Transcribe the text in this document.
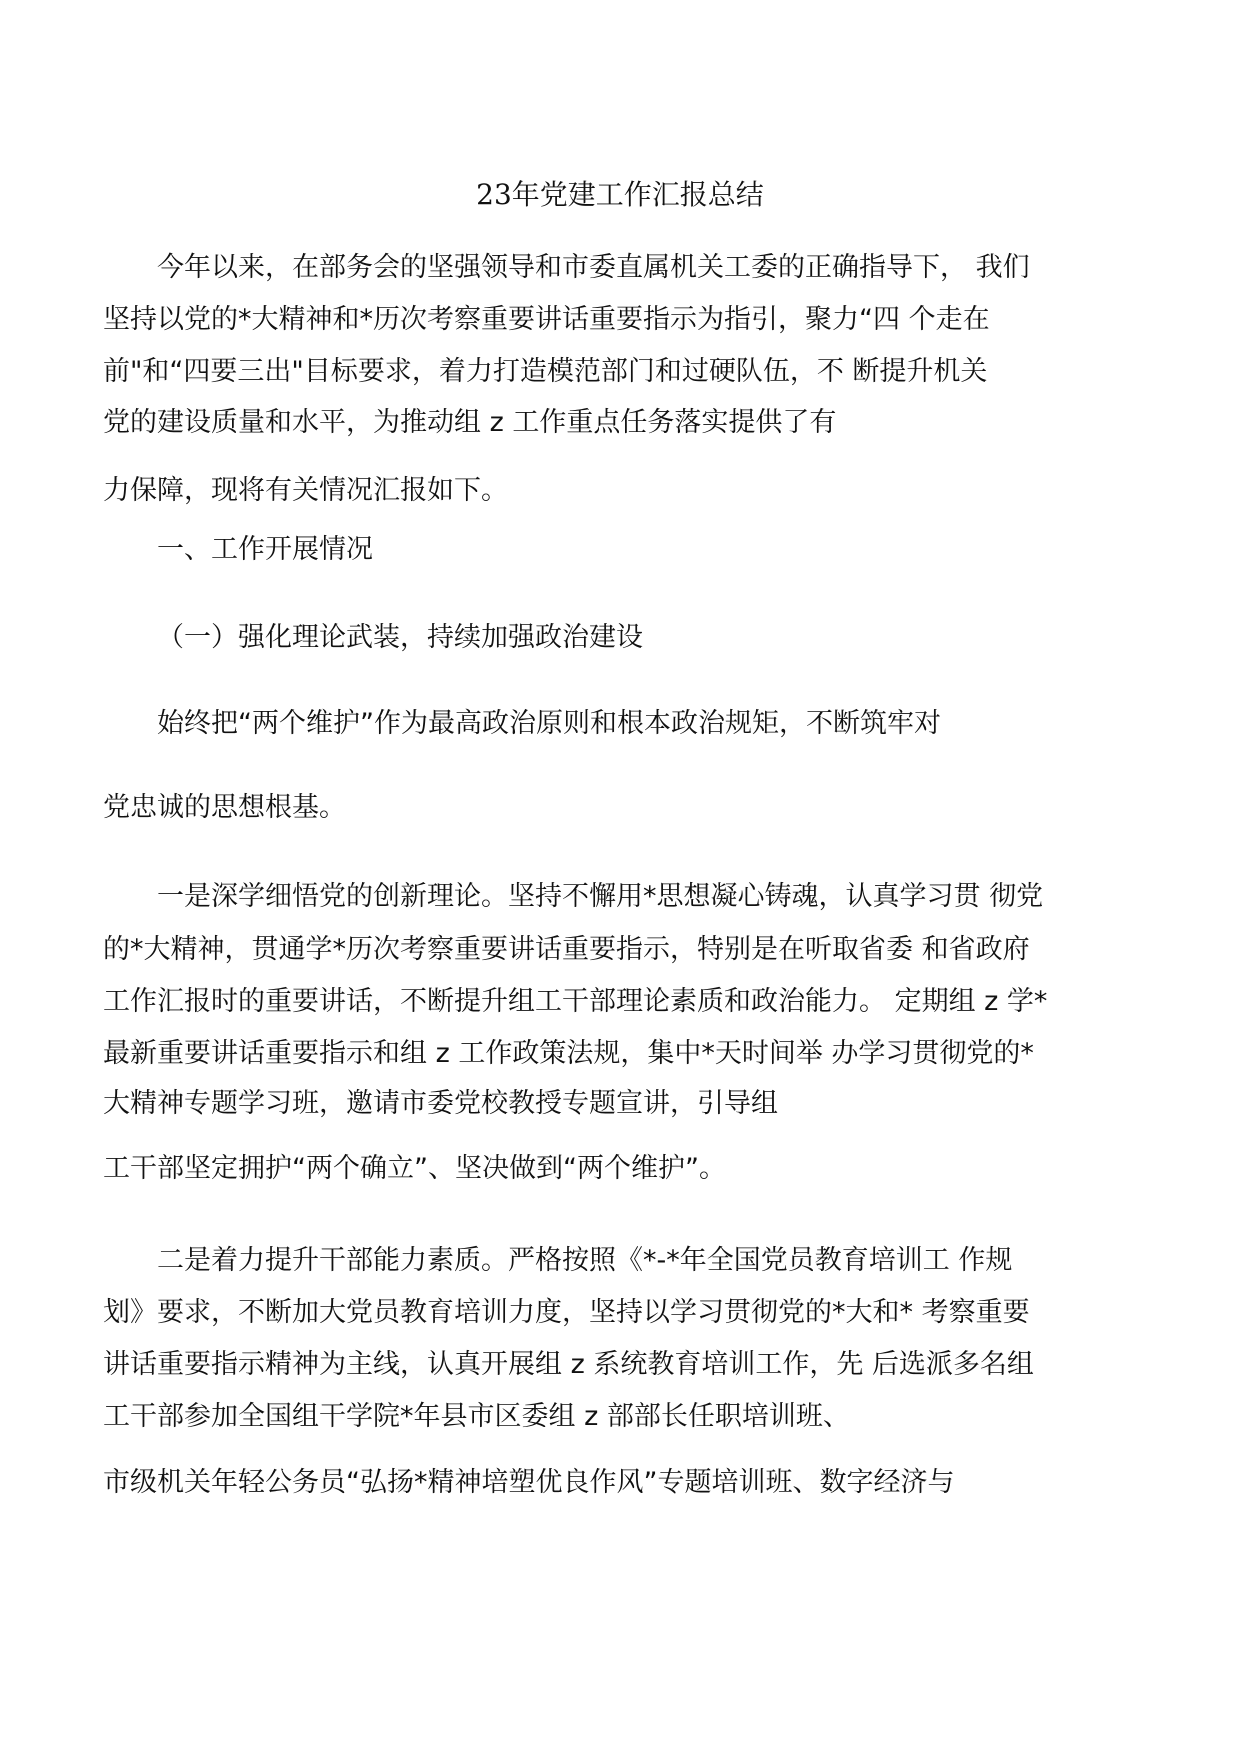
23年党建工作汇报总结
今年以来，在部务会的坚强领导和市委直属机关工委的正确指导下， 我们
坚持以党的*大精神和*历次考察重要讲话重要指示为指引，聚力“四 个走在
前"和“四要三出"目标要求，着力打造模范部门和过硬队伍，不 断提升机关
党的建设质量和水平，为推动组 z 工作重点任务落实提供了有
力保障，现将有关情况汇报如下。
一、工作开展情况
（一）强化理论武装，持续加强政治建设
始终把“两个维护”作为最高政治原则和根本政治规矩，不断筑牢对
党忠诚的思想根基。
一是深学细悟党的创新理论。坚持不懈用*思想凝心铸魂，认真学习贯 彻党
的*大精神，贯通学*历次考察重要讲话重要指示，特别是在听取省委 和省政府
工作汇报时的重要讲话，不断提升组工干部理论素质和政治能力。 定期组 z 学*
最新重要讲话重要指示和组 z 工作政策法规，集中*天时间举 办学习贯彻党的*
大精神专题学习班，邀请市委党校教授专题宣讲，引导组
工干部坚定拥护“两个确立”、坚决做到“两个维护”。
二是着力提升干部能力素质。严格按照《*-*年全国党员教育培训工 作规
划》要求，不断加大党员教育培训力度，坚持以学习贯彻党的*大和* 考察重要
讲话重要指示精神为主线，认真开展组 z 系统教育培训工作，先 后选派多名组
工干部参加全国组干学院*年县市区委组 z 部部长任职培训班、
市级机关年轻公务员“弘扬*精神培塑优良作风”专题培训班、数字经济与
